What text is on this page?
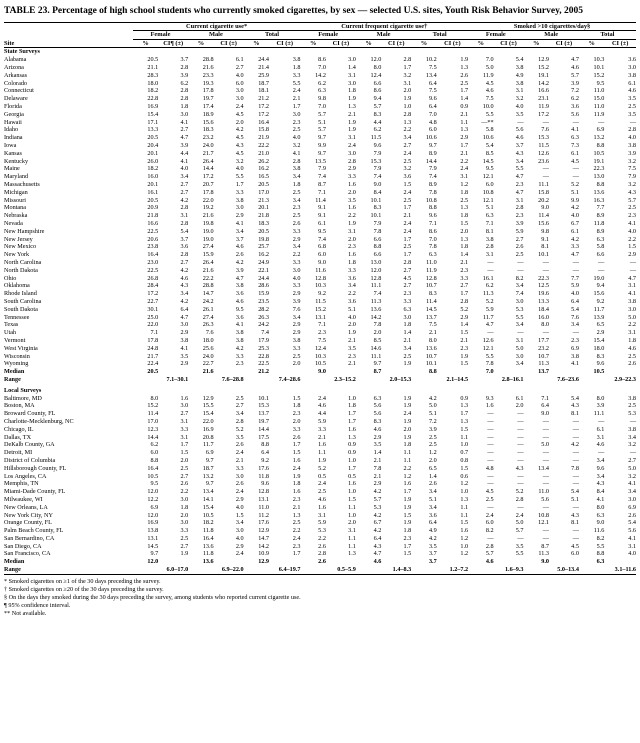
TABLE 23. Percentage of high school students who currently smoked cigarettes, by sex — selected U.S. sites, Youth Risk Behavior Survey, 2005
	Current cigarette use*						Current frequent cigarette use†						Smoked >10 cigarettes/day§					
	Female		Male		Total		Female		Male		Total		Female		Male		Total	
Site	%	CI¶ (±)	%	CI (±)	%	CI (±)	%	CI (±)	%	CI (±)	%	CI (±)	%	CI (±)	%	CI (±)	%	CI (±)
State Surveys																		
Alabama	20.5	3.7	28.8	6.1	24.4	3.8	8.6	3.0	12.0	2.8	10.2	1.9	7.0	5.4	12.9	4.7	10.3	3.6
Arizona	21.1	2.8	21.6	2.7	21.4	1.8	7.0	1.4	8.0	1.7	7.5	1.3	5.0	3.8	15.2	4.6	10.1	3.0
Arkansas	28.3	3.9	23.3	4.0	25.9	3.3	14.2	3.1	12.4	3.2	13.4	2.6	11.9	4.9	19.1	5.7	15.2	3.8
Colorado	18.0	6.2	19.3	6.0	18.7	5.5	6.2	3.0	6.6	3.1	6.4	2.5	4.5	3.8	14.2	3.9	9.5	6.1
Connecticut	18.2	2.8	17.8	3.0	18.1	2.4	6.3	1.8	8.6	2.0	7.5	1.7	4.6	3.1	16.6	7.2	11.0	4.6
Delaware	22.8	2.8	19.7	3.0	21.2	2.1	9.8	1.9	9.4	1.9	9.6	1.4	7.5	3.2	23.1	6.2	15.0	3.5
Florida	16.9	1.8	17.4	2.4	17.2	1.7	7.0	1.3	5.7	1.0	6.4	0.9	10.0	4.0	11.9	3.6	11.0	2.5
Georgia	15.4	3.0	18.9	4.5	17.2	3.0	5.7	2.1	8.3	2.8	7.0	2.1	5.5	3.5	17.2	5.6	11.9	3.5
Hawaii	17.1	4.1	15.6	2.0	16.4	2.3	5.1	1.9	4.4	1.3	4.8	1.1	—**	—	—	—	—	—
Idaho	13.3	2.7	18.3	4.2	15.8	2.5	5.7	1.9	6.2	2.2	6.0	1.3	5.8	5.6	7.6	4.1	6.9	2.8
Indiana	20.5	4.7	23.2	4.5	21.9	4.0	9.7	3.1	11.5	3.4	10.6	2.9	10.6	4.6	15.3	6.3	13.2	4.0
Iowa	20.4	3.9	24.0	4.3	22.2	3.2	9.9	2.4	9.6	2.7	9.7	1.7	5.4	3.7	11.5	7.3	8.8	3.8
Kansas	20.1	4.4	21.7	4.5	21.0	4.1	9.7	3.0	7.9	2.4	8.9	2.1	8.5	4.3	12.6	6.1	10.5	3.9
Kentucky	26.0	4.1	26.4	3.2	26.2	2.8	13.5	2.8	15.3	2.5	14.4	2.2	14.5	3.4	23.6	4.5	19.1	3.2
Maine	18.2	4.0	14.4	4.0	16.2	3.8	7.9	2.9	7.9	3.2	7.9	2.4	9.5	5.5	—	—	22.3	7.5
Maryland	16.0	3.4	17.2	5.5	16.5	3.4	7.4	3.3	7.4	3.6	7.4	3.1	12.1	4.7	—	—	13.0	7.9
Massachusetts	20.1	2.7	20.7	1.7	20.5	1.8	8.7	1.6	9.0	1.5	8.9	1.2	6.0	2.3	11.1	5.2	8.8	3.2
Michigan	16.1	2.7	17.8	3.3	17.0	2.5	7.1	2.0	8.4	2.4	7.8	1.8	10.8	4.7	15.8	5.1	13.6	4.3
Missouri	20.5	4.2	22.0	3.8	21.3	3.4	11.4	3.5	10.1	2.5	10.8	2.5	12.1	3.1	20.2	9.9	16.3	5.7
Montana	20.9	2.8	19.2	3.0	20.1	2.3	9.1	1.6	8.3	1.7	8.8	1.3	5.1	2.8	9.0	4.2	7.7	2.5
Nebraska	21.8	3.1	21.6	2.9	21.8	2.5	9.1	2.2	10.1	2.1	9.6	1.8	6.3	2.3	11.4	4.0	8.9	2.3
Nevada	16.6	2.8	19.8	4.1	18.3	2.6	6.1	1.9	7.9	2.4	7.1	1.5	7.1	3.9	15.6	6.7	11.8	4.1
New Hampshire	22.5	5.4	19.0	3.4	20.5	3.3	9.5	3.1	7.8	2.4	8.6	2.0	8.1	5.9	9.8	6.1	8.9	4.0
New Jersey	20.6	3.7	19.0	3.7	19.8	2.9	7.4	2.0	6.6	1.7	7.0	1.3	3.8	2.7	9.1	4.2	6.3	2.2
New Mexico	23.8	3.6	27.4	4.6	25.7	3.4	6.8	2.3	8.8	2.5	7.8	1.8	2.8	2.6	8.1	3.3	5.8	1.5
New York	16.4	2.8	15.9	2.6	16.2	2.2	6.0	1.6	6.6	1.7	6.3	1.4	3.1	2.5	10.1	4.7	6.6	2.9
North Carolina	23.0	2.7	26.4	4.2	24.9	3.3	9.0	1.8	13.0	2.8	11.0	2.1	—	—	—	—	—	—
North Dakota	22.5	4.2	21.6	3.9	22.1	3.0	11.6	3.3	12.0	2.7	11.9	2.3	—	—	—	—	—	—
Ohio	26.8	4.6	22.2	4.7	24.4	4.0	12.8	3.6	12.8	4.5	12.8	3.3	16.1	8.2	22.3	7.7	19.0	4.7
Oklahoma	28.4	4.3	28.8	3.8	28.6	3.3	10.3	3.4	11.1	2.7	10.7	2.7	6.2	3.4	12.5	5.9	9.4	3.1
Rhode Island	17.2	3.4	14.7	3.6	15.9	2.9	9.2	2.2	7.4	2.3	8.3	1.7	11.3	7.4	19.6	4.0	15.6	4.1
South Carolina	22.7	4.2	24.2	4.6	23.5	3.9	11.5	3.6	11.3	3.3	11.4	2.8	5.2	3.0	13.3	6.4	9.2	3.8
South Dakota	30.1	6.4	26.1	9.5	28.2	7.6	15.2	5.1	13.6	6.3	14.5	5.2	5.9	5.3	18.4	5.4	11.7	3.0
Tennessee	25.0	4.7	27.4	3.6	26.3	3.4	13.1	4.0	14.2	3.0	13.7	2.9	11.7	5.5	16.0	7.6	13.9	5.0
Texas	22.0	3.0	26.3	4.1	24.2	2.9	7.1	2.0	7.8	1.8	7.5	1.4	4.7	3.4	8.0	3.4	6.5	2.2
Utah	7.1	2.9	7.6	3.8	7.4	2.9	2.3	1.9	2.0	1.4	2.1	1.5	—	—	—	—	2.9	3.1
Vermont	17.8	3.8	18.0	3.8	17.9	3.8	7.5	2.1	8.5	2.1	8.0	2.1	12.6	3.1	17.7	2.3	15.4	1.8
West Virginia	24.8	4.1	25.6	4.2	25.3	3.3	12.4	3.5	14.6	3.4	13.6	2.3	12.1	5.0	23.2	6.9	18.0	4.6
Wisconsin	21.7	3.5	24.0	3.3	22.8	2.5	10.3	2.3	11.1	2.5	10.7	1.9	5.5	3.0	10.7	3.8	8.3	2.5
Wyoming	22.4	2.9	22.7	2.3	22.5	2.0	10.5	2.1	9.7	1.9	10.1	1.5	7.8	3.4	11.3	4.1	9.6	2.6
Median	20.5		21.6		21.2		9.0		8.7		8.8		7.0		13.7		10.5	
Range	7.1–30.1		7.6–28.8		7.4–28.6		2.3–15.2		2.0–15.3		2.1–14.5		2.8–16.1		7.6–23.6		2.9–22.3	

Local Surveys																		
Baltimore, MD	8.0	1.6	12.9	2.5	10.1	1.5	2.4	1.0	6.3	1.9	4.2	0.9	9.3	6.1	7.1	5.4	8.0	3.8
Boston, MA	15.2	3.0	15.5	2.7	15.3	1.8	4.6	1.8	5.6	1.9	5.0	1.3	1.6	2.0	6.4	4.3	3.9	2.5
Broward County, FL	11.4	2.7	15.4	3.4	13.7	2.3	4.4	1.7	5.6	2.4	5.1	1.7	—	—	9.0	8.1	11.1	5.3
Charlotte-Mecklenburg, NC	17.0	3.1	22.0	2.8	19.7	2.0	5.9	1.7	8.3	1.9	7.2	1.3	—	—	—	—	—	—
Chicago, IL	12.3	3.3	16.9	5.2	14.4	3.3	3.3	1.6	4.6	2.0	3.9	1.5	—	—	—	—	6.1	3.8
Dallas, TX	14.4	3.1	20.8	3.5	17.5	2.6	2.1	1.3	2.9	1.9	2.5	1.1	—	—	—	—	3.1	3.4
DeKalb County, GA	6.2	1.7	11.7	2.6	8.8	1.7	1.6	0.9	3.5	1.8	2.5	1.0	—	—	5.0	4.2	4.6	3.2
Detroit, MI	6.0	1.5	6.9	2.4	6.4	1.5	1.1	0.9	1.4	1.1	1.2	0.7	—	—	—	—	—	—
District of Columbia	8.8	2.0	9.7	2.1	9.2	1.6	1.9	1.0	2.1	1.1	2.0	0.8	—	—	—	—	3.4	2.7
Hillsborough County, FL	16.4	2.5	18.7	3.3	17.6	2.4	5.2	1.7	7.8	2.2	6.5	1.5	4.8	4.3	13.4	7.8	9.6	5.0
Los Angeles, CA	10.5	2.7	13.2	3.0	11.8	1.9	0.5	0.5	2.1	1.2	1.4	0.6	—	—	—	—	3.4	3.2
Memphis, TN	9.5	2.6	9.7	2.6	9.6	1.8	2.4	1.6	2.9	1.6	2.6	1.2	—	—	—	—	4.3	4.1
Miami-Dade County, FL	12.0	2.2	13.4	2.4	12.8	1.6	2.5	1.0	4.2	1.7	3.4	1.0	4.5	5.2	11.0	5.4	8.4	3.4
Milwaukee, WI	12.2	3.0	14.1	2.9	13.1	2.3	4.6	1.5	5.7	1.9	5.1	1.3	2.5	2.8	5.6	5.1	4.1	3.0
New Orleans, LA	6.9	1.8	15.4	4.0	11.0	2.1	1.6	1.1	5.3	1.9	3.4	1.1	—	—	—	—	8.0	6.9
New York City, NY	12.0	2.0	10.5	1.5	11.2	1.3	3.1	1.0	4.2	1.5	3.6	1.1	2.4	2.4	10.8	4.3	6.3	2.6
Orange County, FL	16.9	3.0	18.2	3.4	17.6	2.5	5.9	2.0	6.7	1.9	6.4	1.5	6.0	5.0	12.1	8.1	9.0	5.4
Palm Beach County, FL	13.8	3.3	11.8	3.0	12.9	2.2	5.3	3.1	4.2	1.8	4.9	1.6	8.2	5.7	—	—	11.6	5.6
San Bernardino, CA	13.1	2.5	16.4	4.0	14.7	2.4	2.2	1.1	6.4	2.3	4.2	1.2	—	—	—	—	8.2	4.1
San Diego, CA	14.5	2.7	13.6	2.9	14.2	2.3	2.6	1.1	4.3	1.7	3.5	1.0	2.8	3.5	8.7	4.5	5.5	3.1
San Francisco, CA	9.7	1.9	11.8	2.4	10.9	1.7	2.8	1.3	4.7	1.5	3.7	1.2	5.7	5.5	11.3	6.0	8.8	4.0
Median	12.0		13.6		12.9		2.6		4.6		3.7		4.6		9.0		6.3	
Range	6.0–17.0		6.9–22.0		6.4–19.7		0.5–5.9		1.4–8.3		1.2–7.2		1.6–9.3		5.0–13.4		3.1–11.6	

* Smoked cigarettes on ≥1 of the 30 days preceding the survey.
† Smoked cigarettes on ≥20 of the 30 days preceding the survey.
§ On the days they smoked during the 30 days preceding the survey, among students who reported current cigarette use.
¶ 95% confidence interval.
** Not available.
